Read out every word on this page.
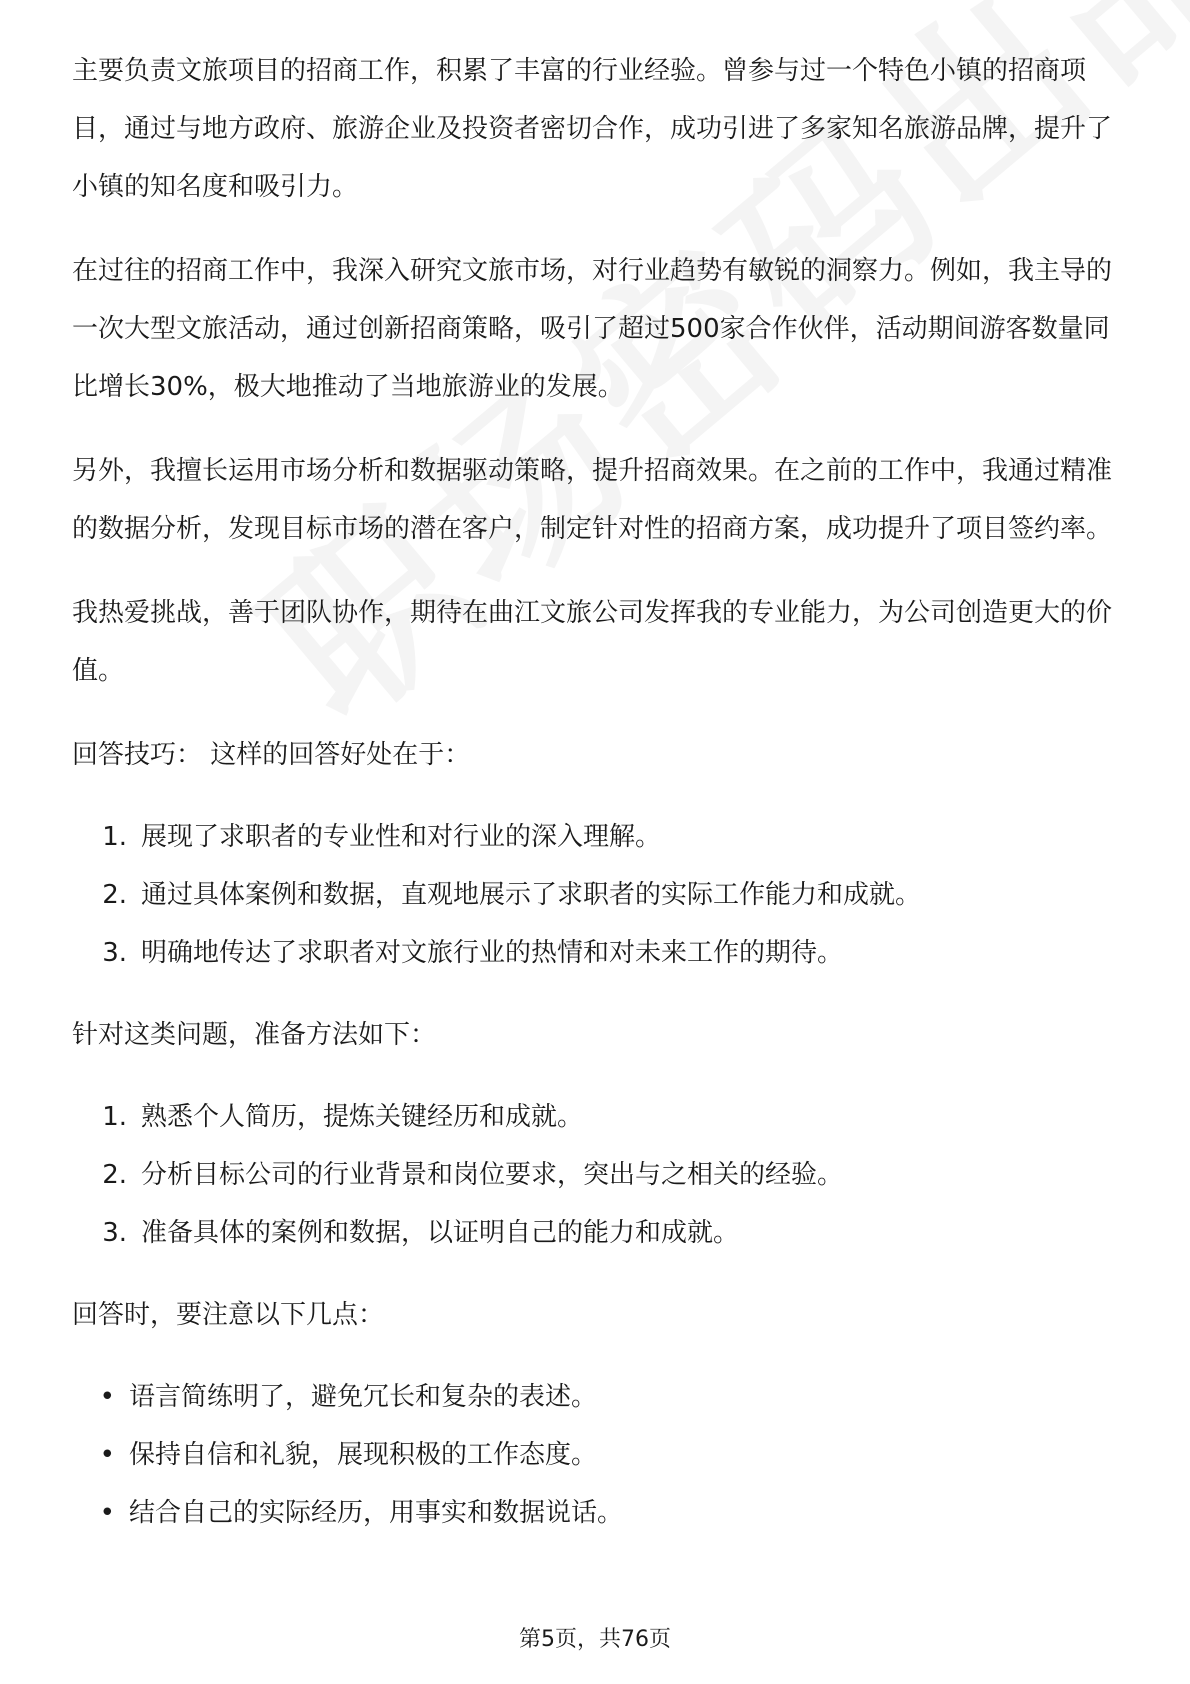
主要负责文旅项目的招商工作，积累了丰富的行业经验。曾参与过一个特色小镇的招商项目，通过与地方政府、旅游企业及投资者密切合作，成功引进了多家知名旅游品牌，提升了小镇的知名度和吸引力。

在过往的招商工作中，我深入研究文旅市场，对行业趋势有敏锐的洞察力。例如，我主导的一次大型文旅活动，通过创新招商策略，吸引了超过500家合作伙伴，活动期间游客数量同比增长30%，极大地推动了当地旅游业的发展。

另外，我擅长运用市场分析和数据驱动策略，提升招商效果。在之前的工作中，我通过精准的数据分析，发现目标市场的潜在客户，制定针对性的招商方案，成功提升了项目签约率。

我热爱挑战，善于团队协作，期待在曲江文旅公司发挥我的专业能力，为公司创造更大的价值。

回答技巧： 这样的回答好处在于：

1. 展现了求职者的专业性和对行业的深入理解。
2. 通过具体案例和数据，直观地展示了求职者的实际工作能力和成就。
3. 明确地传达了求职者对文旅行业的热情和对未来工作的期待。

针对这类问题，准备方法如下：

1. 熟悉个人简历，提炼关键经历和成就。
2. 分析目标公司的行业背景和岗位要求，突出与之相关的经验。
3. 准备具体的案例和数据，以证明自己的能力和成就。

回答时，要注意以下几点：

• 语言简练明了，避免冗长和复杂的表述。
• 保持自信和礼貌，展现积极的工作态度。
• 结合自己的实际经历，用事实和数据说话。
第5页，共76页
